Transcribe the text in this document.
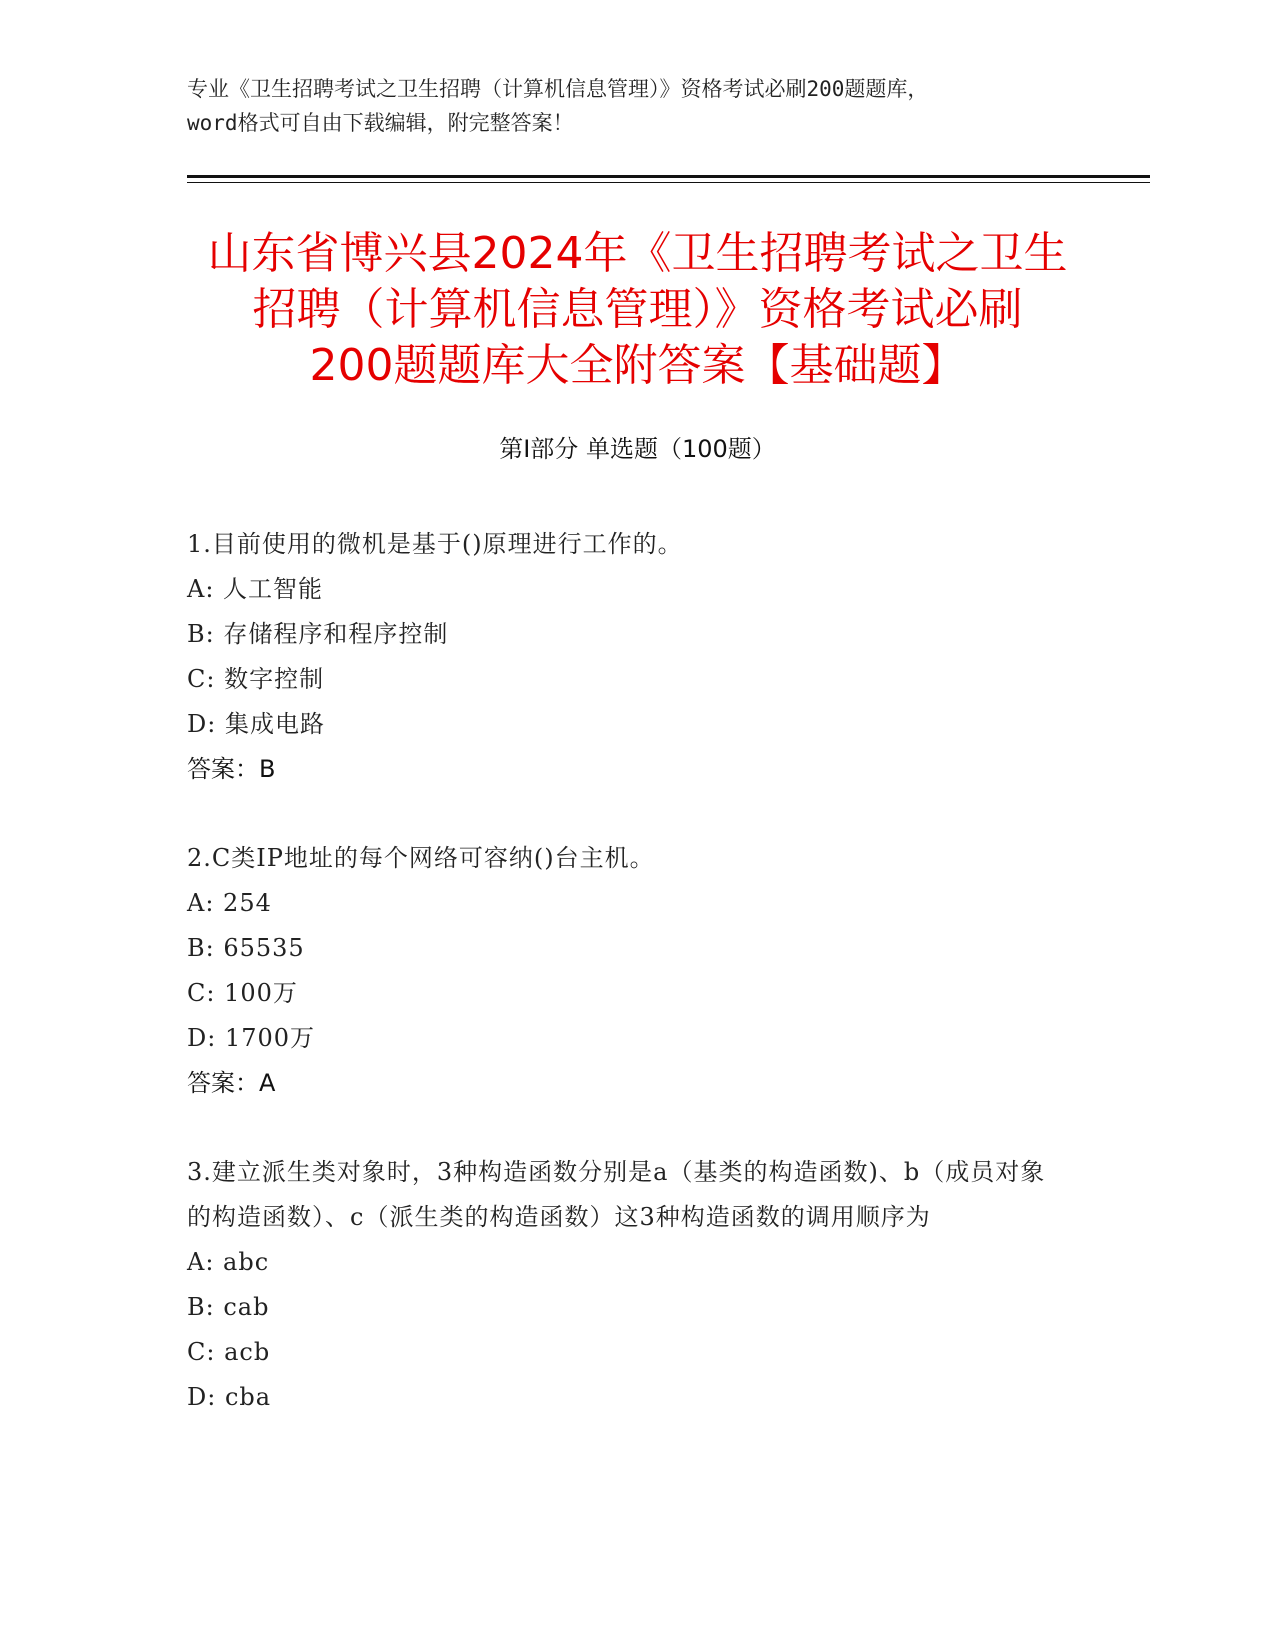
专业《卫生招聘考试之卫生招聘（计算机信息管理）》资格考试必刷200题题库，
word格式可自由下载编辑，附完整答案！
山东省博兴县2024年《卫生招聘考试之卫生
招聘（计算机信息管理）》资格考试必刷
200题题库大全附答案【基础题】
第Ⅰ部分 单选题（100题）

1.目前使用的微机是基于()原理进行工作的。

A: 人工智能

B: 存储程序和程序控制

C: 数字控制

D: 集成电路

答案：B

2.C类IP地址的每个网络可容纳()台主机。

A: 254

B: 65535

C: 100万

D: 1700万

答案：A

3.建立派生类对象时，3种构造函数分别是a（基类的构造函数)、b（成员对象的构造函数）、c（派生类的构造函数）这3种构造函数的调用顺序为

A: abc

B: cab

C: acb

D: cba
